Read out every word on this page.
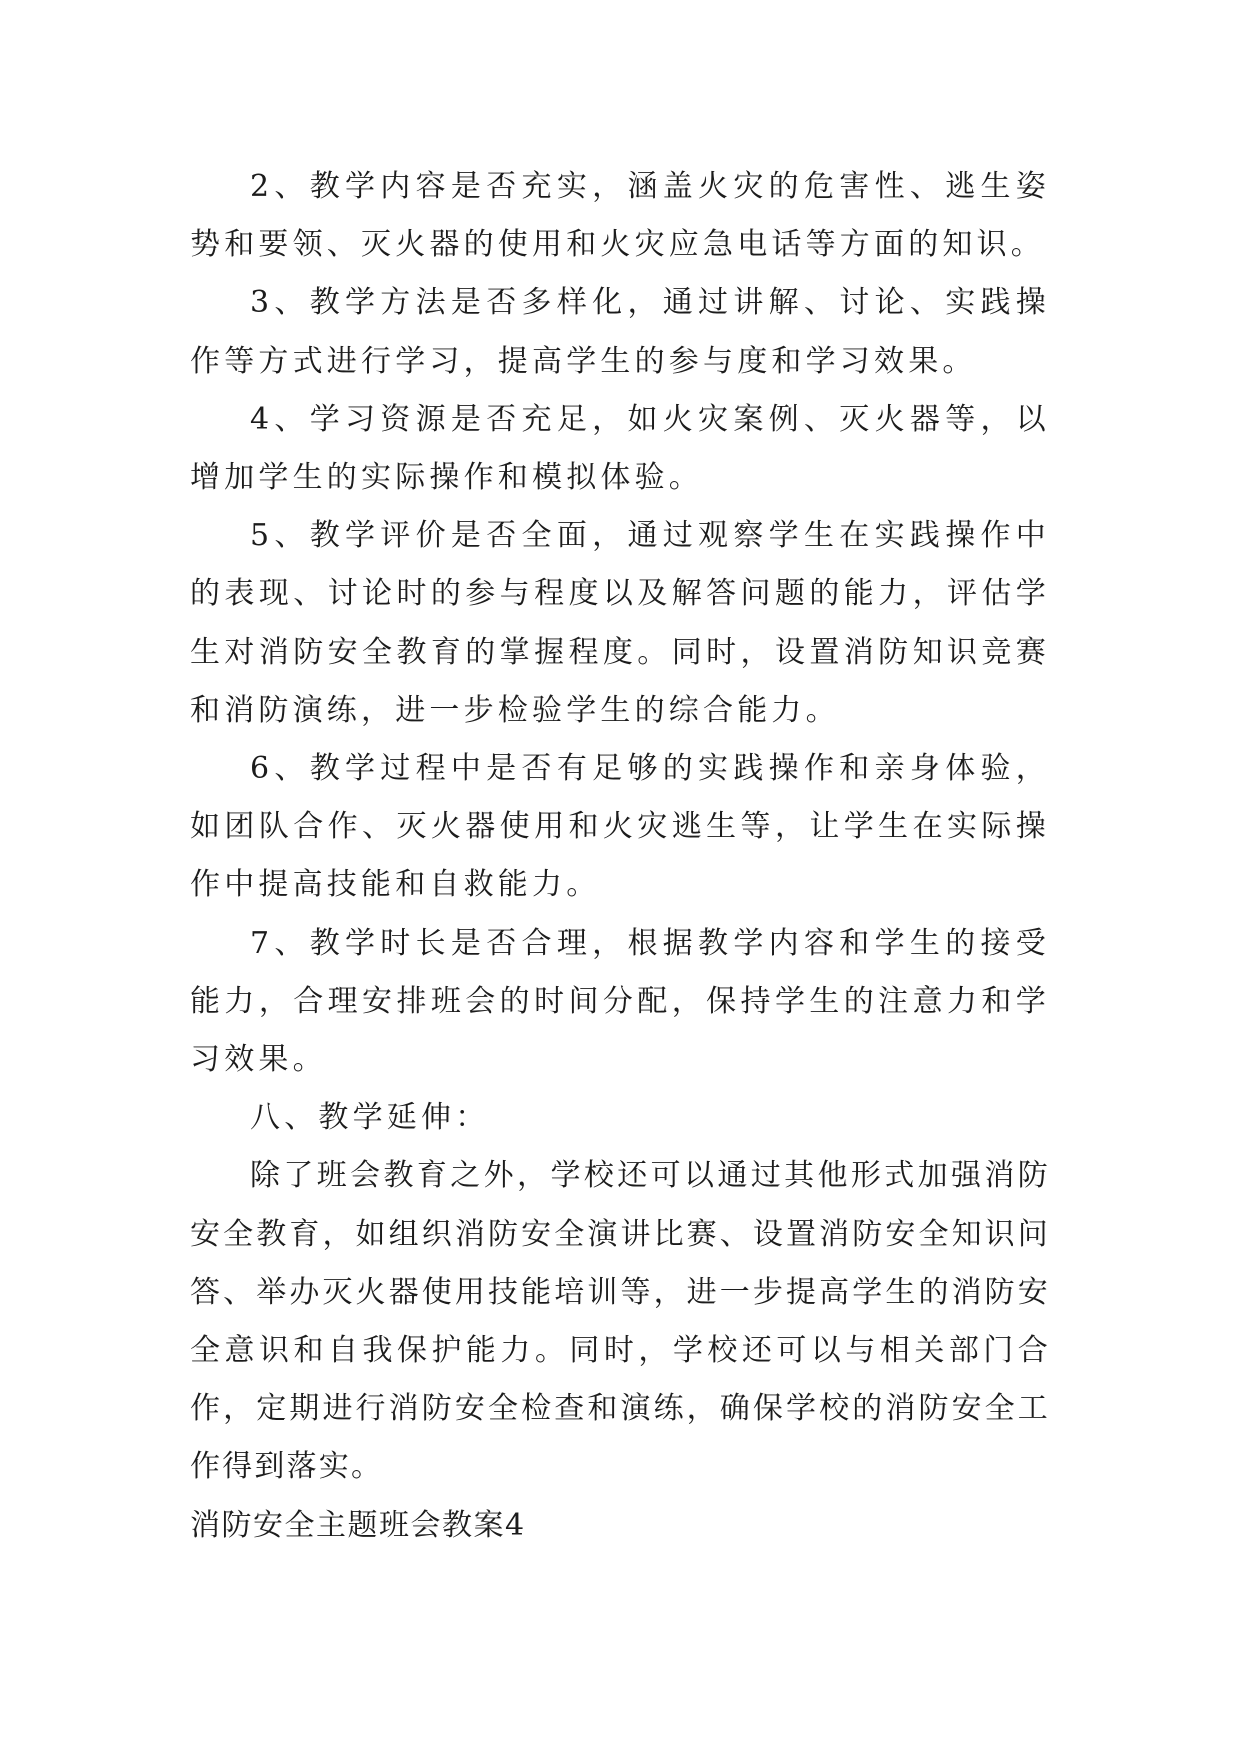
2、教学内容是否充实，涵盖火灾的危害性、逃生姿势和要领、灭火器的使用和火灾应急电话等方面的知识。

3、教学方法是否多样化，通过讲解、讨论、实践操作等方式进行学习，提高学生的参与度和学习效果。

4、学习资源是否充足，如火灾案例、灭火器等，以增加学生的实际操作和模拟体验。

5、教学评价是否全面，通过观察学生在实践操作中的表现、讨论时的参与程度以及解答问题的能力，评估学生对消防安全教育的掌握程度。同时，设置消防知识竞赛和消防演练，进一步检验学生的综合能力。

6、教学过程中是否有足够的实践操作和亲身体验，如团队合作、灭火器使用和火灾逃生等，让学生在实际操作中提高技能和自救能力。

7、教学时长是否合理，根据教学内容和学生的接受能力，合理安排班会的时间分配，保持学生的注意力和学习效果。

八、教学延伸：

除了班会教育之外，学校还可以通过其他形式加强消防安全教育，如组织消防安全演讲比赛、设置消防安全知识问答、举办灭火器使用技能培训等，进一步提高学生的消防安全意识和自我保护能力。同时，学校还可以与相关部门合作，定期进行消防安全检查和演练，确保学校的消防安全工作得到落实。

消防安全主题班会教案4
